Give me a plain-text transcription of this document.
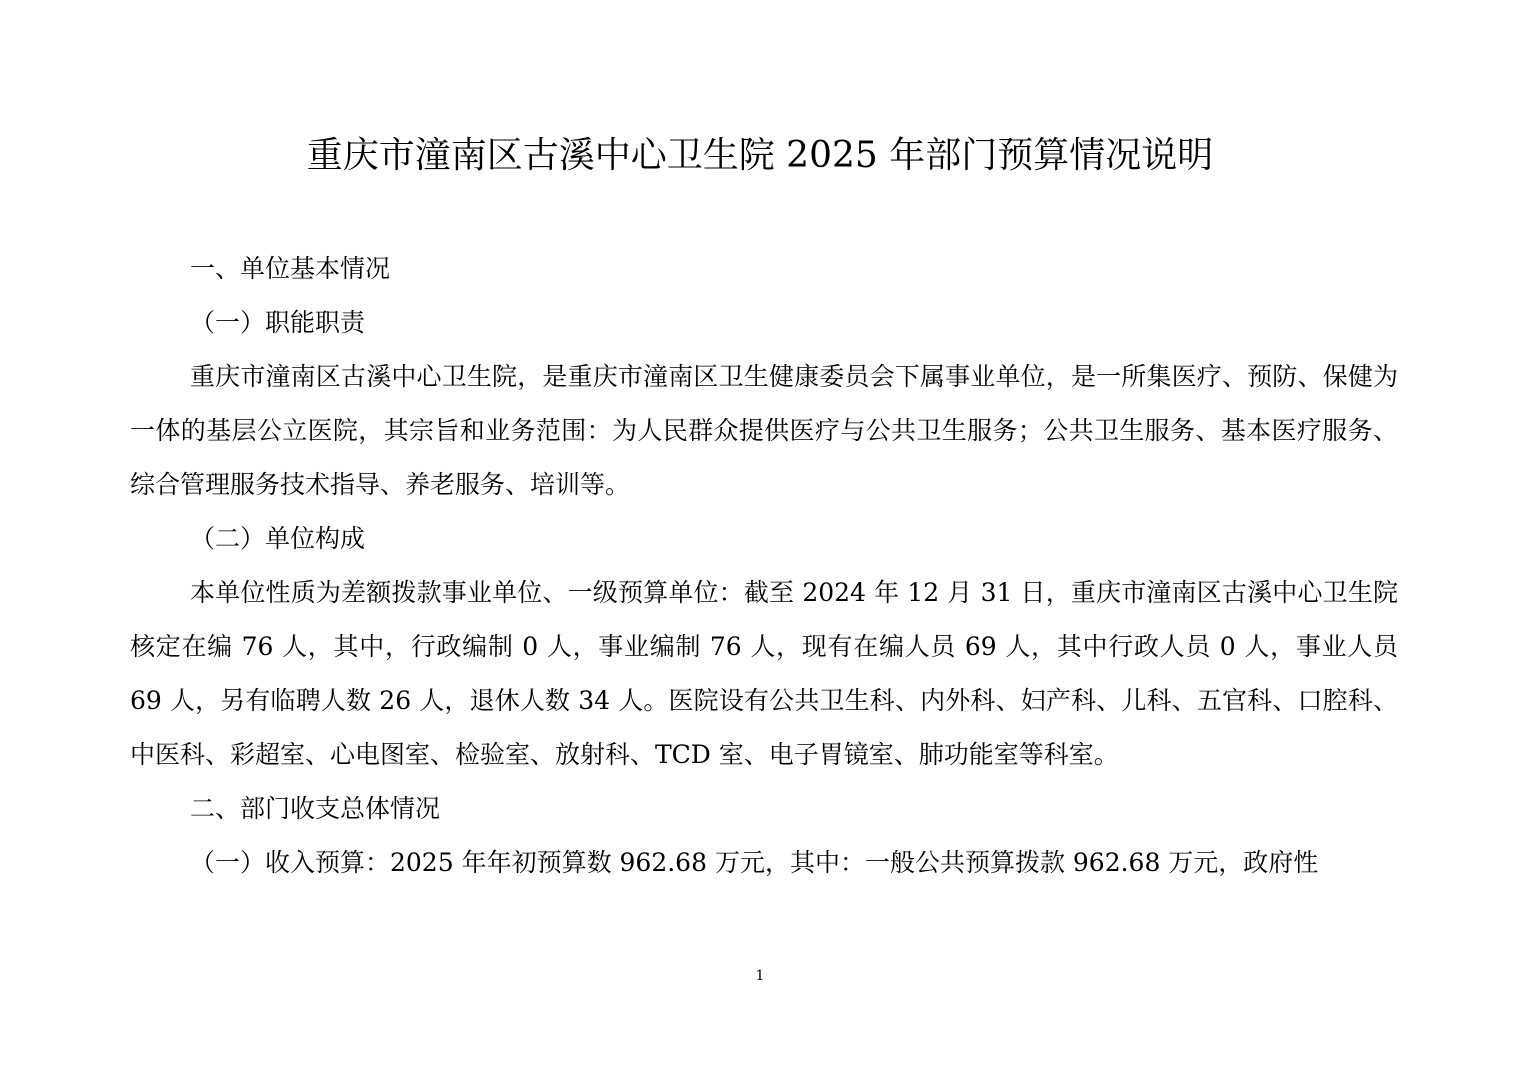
重庆市潼南区古溪中心卫生院 2025 年部门预算情况说明

一、单位基本情况

（一）职能职责

重庆市潼南区古溪中心卫生院，是重庆市潼南区卫生健康委员会下属事业单位，是一所集医疗、预防、保健为一体的基层公立医院，其宗旨和业务范围：为人民群众提供医疗与公共卫生服务；公共卫生服务、基本医疗服务、综合管理服务技术指导、养老服务、培训等。

（二）单位构成

本单位性质为差额拨款事业单位、一级预算单位：截至 2024 年 12 月 31 日，重庆市潼南区古溪中心卫生院核定在编 76 人，其中，行政编制 0 人，事业编制 76 人，现有在编人员 69 人，其中行政人员 0 人，事业人员 69 人，另有临聘人数 26 人，退休人数 34 人。医院设有公共卫生科、内外科、妇产科、儿科、五官科、口腔科、中医科、彩超室、心电图室、检验室、放射科、TCD 室、电子胃镜室、肺功能室等科室。

二、部门收支总体情况

（一）收入预算：2025 年年初预算数 962.68 万元，其中：一般公共预算拨款 962.68 万元，政府性

1
